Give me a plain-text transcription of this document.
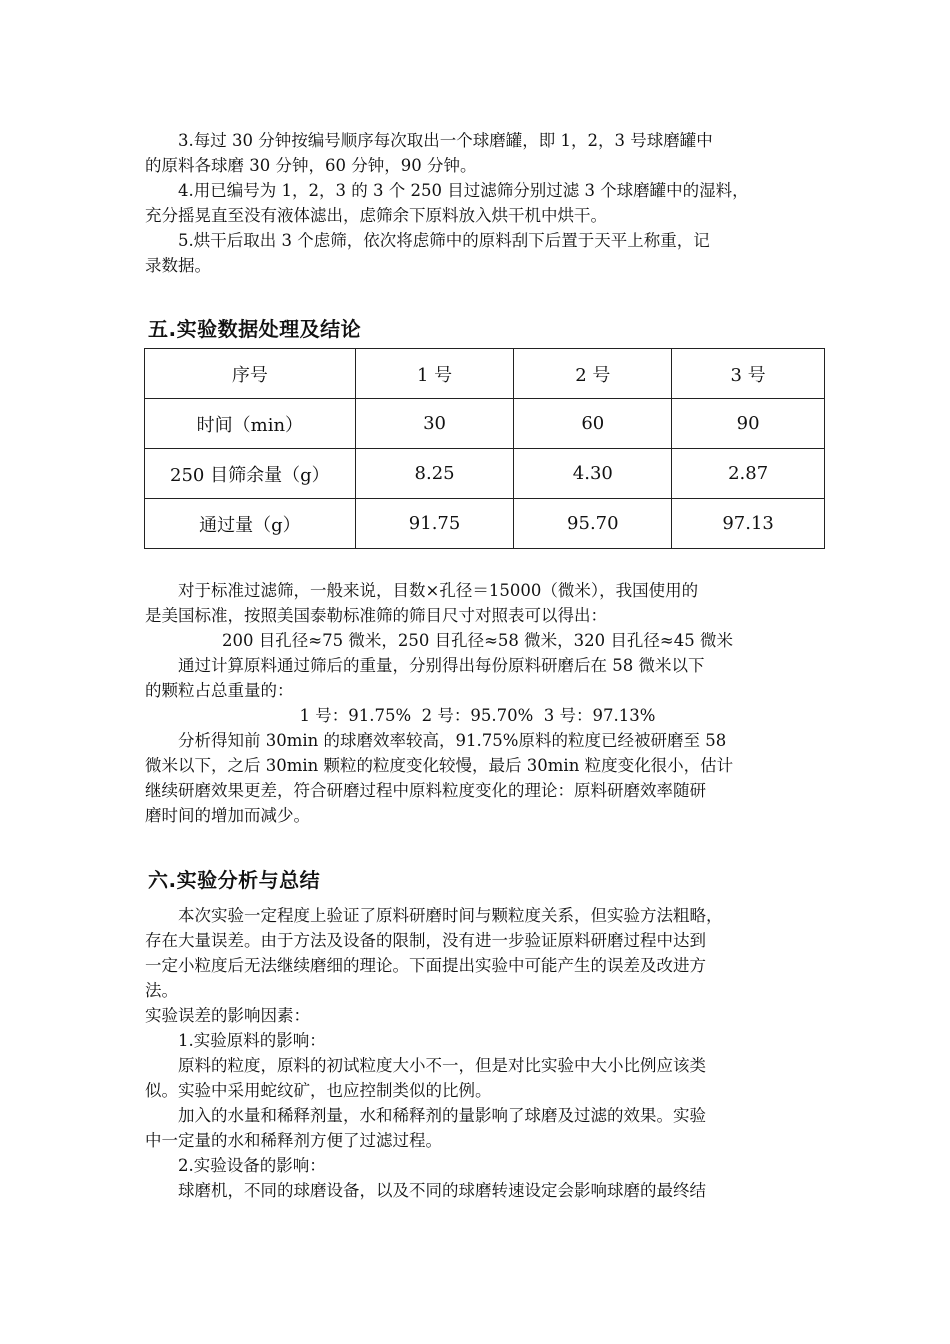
3.每过 30 分钟按编号顺序每次取出一个球磨罐，即 1，2，3 号球磨罐中

的原料各球磨 30 分钟，60 分钟，90 分钟。

4.用已编号为 1，2，3 的 3 个 250 目过滤筛分别过滤 3 个球磨罐中的湿料，

充分摇晃直至没有液体滤出，虑筛余下原料放入烘干机中烘干。

5.烘干后取出 3 个虑筛，依次将虑筛中的原料刮下后置于天平上称重，记

录数据。

五.实验数据处理及结论
序号	1 号	2 号	3 号
时间（min）	30	60	90
250 目筛余量（g）	8.25	4.30	2.87
通过量（g）	91.75	95.70	97.13

对于标准过滤筛，一般来说，目数×孔径＝15000（微米），我国使用的

是美国标准，按照美国泰勒标准筛的筛目尺寸对照表可以得出：

200 目孔径≈75 微米，250 目孔径≈58 微米，320 目孔径≈45 微米

通过计算原料通过筛后的重量，分别得出每份原料研磨后在 58 微米以下

的颗粒占总重量的：

1 号：91.75%  2 号：95.70%  3 号：97.13%

分析得知前 30min 的球磨效率较高，91.75%原料的粒度已经被研磨至 58

微米以下，之后 30min 颗粒的粒度变化较慢，最后 30min 粒度变化很小，估计

继续研磨效果更差，符合研磨过程中原料粒度变化的理论：原料研磨效率随研

磨时间的增加而减少。

六.实验分析与总结

本次实验一定程度上验证了原料研磨时间与颗粒度关系，但实验方法粗略，

存在大量误差。由于方法及设备的限制，没有进一步验证原料研磨过程中达到

一定小粒度后无法继续磨细的理论。下面提出实验中可能产生的误差及改进方

法。

实验误差的影响因素：

1.实验原料的影响：

原料的粒度，原料的初试粒度大小不一，但是对比实验中大小比例应该类

似。实验中采用蛇纹矿，也应控制类似的比例。

加入的水量和稀释剂量，水和稀释剂的量影响了球磨及过滤的效果。实验

中一定量的水和稀释剂方便了过滤过程。

2.实验设备的影响：

球磨机，不同的球磨设备，以及不同的球磨转速设定会影响球磨的最终结
